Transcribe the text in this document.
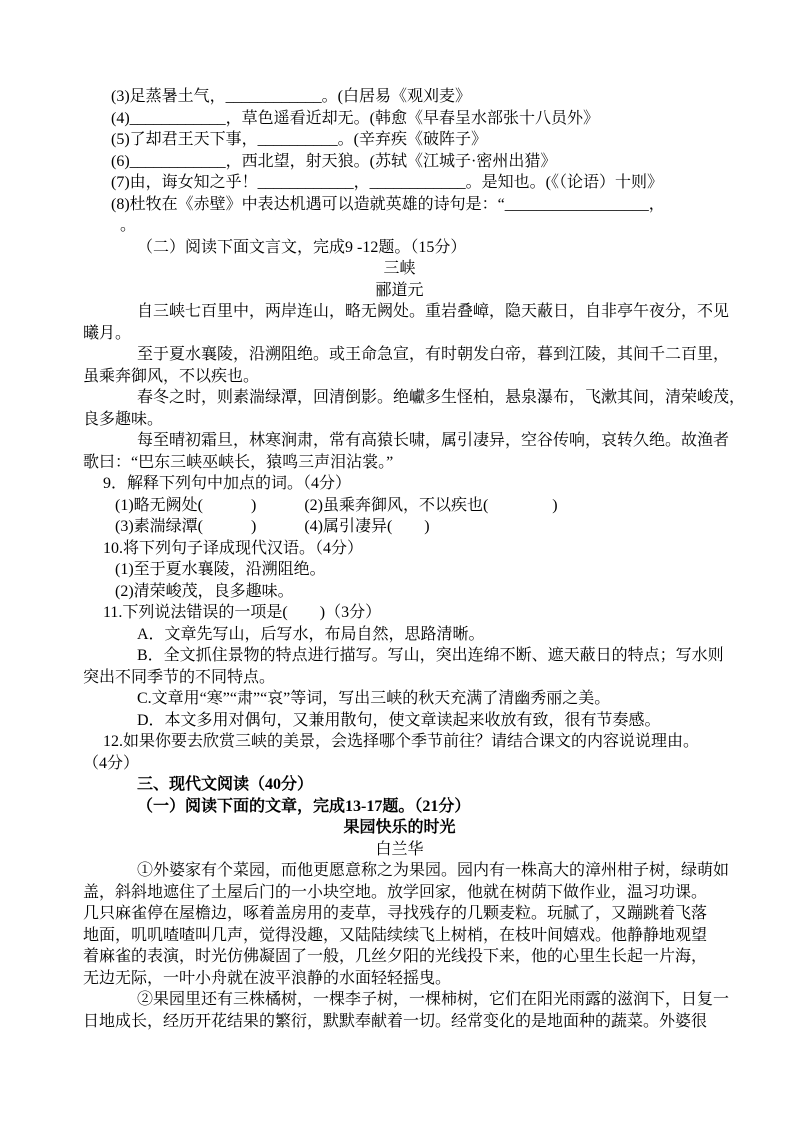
(3)足蒸暑土气，____________。(白居易《观刈麦》
(4)____________，草色遥看近却无。(韩愈《早春呈水部张十八员外》
(5)了却君王天下事，__________。(辛弃疾《破阵子》
(6)____________，西北望，射天狼。(苏轼《江城子·密州出猎》
(7)由，诲女知之乎！____________，____________。是知也。(《（论语）十则》
(8)杜牧在《赤壁》中表达机遇可以造就英雄的诗句是：“__________________，
。
（二）阅读下面文言文，完成9 -12题。（15分）
三峡
郦道元
自三峡七百里中，两岸连山，略无阙处。重岩叠嶂，隐天蔽日，自非亭午夜分，不见
曦月。
至于夏水襄陵，沿溯阻绝。或王命急宣，有时朝发白帝，暮到江陵，其间千二百里，
虽乘奔御风，不以疾也。
春冬之时，则素湍绿潭，回清倒影。绝巘多生怪柏，悬泉瀑布，飞漱其间，清荣峻茂，
良多趣味。
每至晴初霜旦，林寒涧肃，常有高猿长啸，属引凄异，空谷传响，哀转久绝。故渔者
歌曰：“巴东三峡巫峡长，猿鸣三声泪沾裳。”
9．解释下列句中加点的词。（4分）
(1)略无阙处(　　　)　　　(2)虽乘奔御风，不以疾也(　　　　)
(3)素湍绿潭(　　　)　　　(4)属引凄异(　　)
10.将下列句子译成现代汉语。（4分）
(1)至于夏水襄陵，沿溯阻绝。
(2)清荣峻茂，良多趣味。
11.下列说法错误的一项是(　　)（3分）
A．文章先写山，后写水，布局自然，思路清晰。
B．全文抓住景物的特点进行描写。写山，突出连绵不断、遮天蔽日的特点；写水则
突出不同季节的不同特点。
C.文章用“寒”“肃”“哀”等词，写出三峡的秋天充满了清幽秀丽之美。
D．本文多用对偶句，又兼用散句，使文章读起来收放有致，很有节奏感。
12.如果你要去欣赏三峡的美景，会选择哪个季节前往？请结合课文的内容说说理由。
（4分）
三、现代文阅读（40分）
（一）阅读下面的文章，完成13-17题。（21分）
果园快乐的时光
白兰华
①外婆家有个菜园，而他更愿意称之为果园。园内有一株高大的漳州柑子树，绿萌如
盖，斜斜地遮住了土屋后门的一小块空地。放学回家，他就在树荫下做作业，温习功课。
几只麻雀停在屋檐边，啄着盖房用的麦草，寻找残存的几颗麦粒。玩腻了，又蹦跳着飞落
地面，叽叽喳喳叫几声，觉得没趣，又陆陆续续飞上树梢，在枝叶间嬉戏。他静静地观望
着麻雀的表演，时光仿佛凝固了一般，几丝夕阳的光线投下来，他的心里生长起一片海，
无边无际，一叶小舟就在波平浪静的水面轻轻摇曳。
②果园里还有三株橘树，一棵李子树，一棵柿树，它们在阳光雨露的滋润下，日复一
日地成长，经历开花结果的繁衍，默默奉献着一切。经常变化的是地面种的蔬菜。外婆很
